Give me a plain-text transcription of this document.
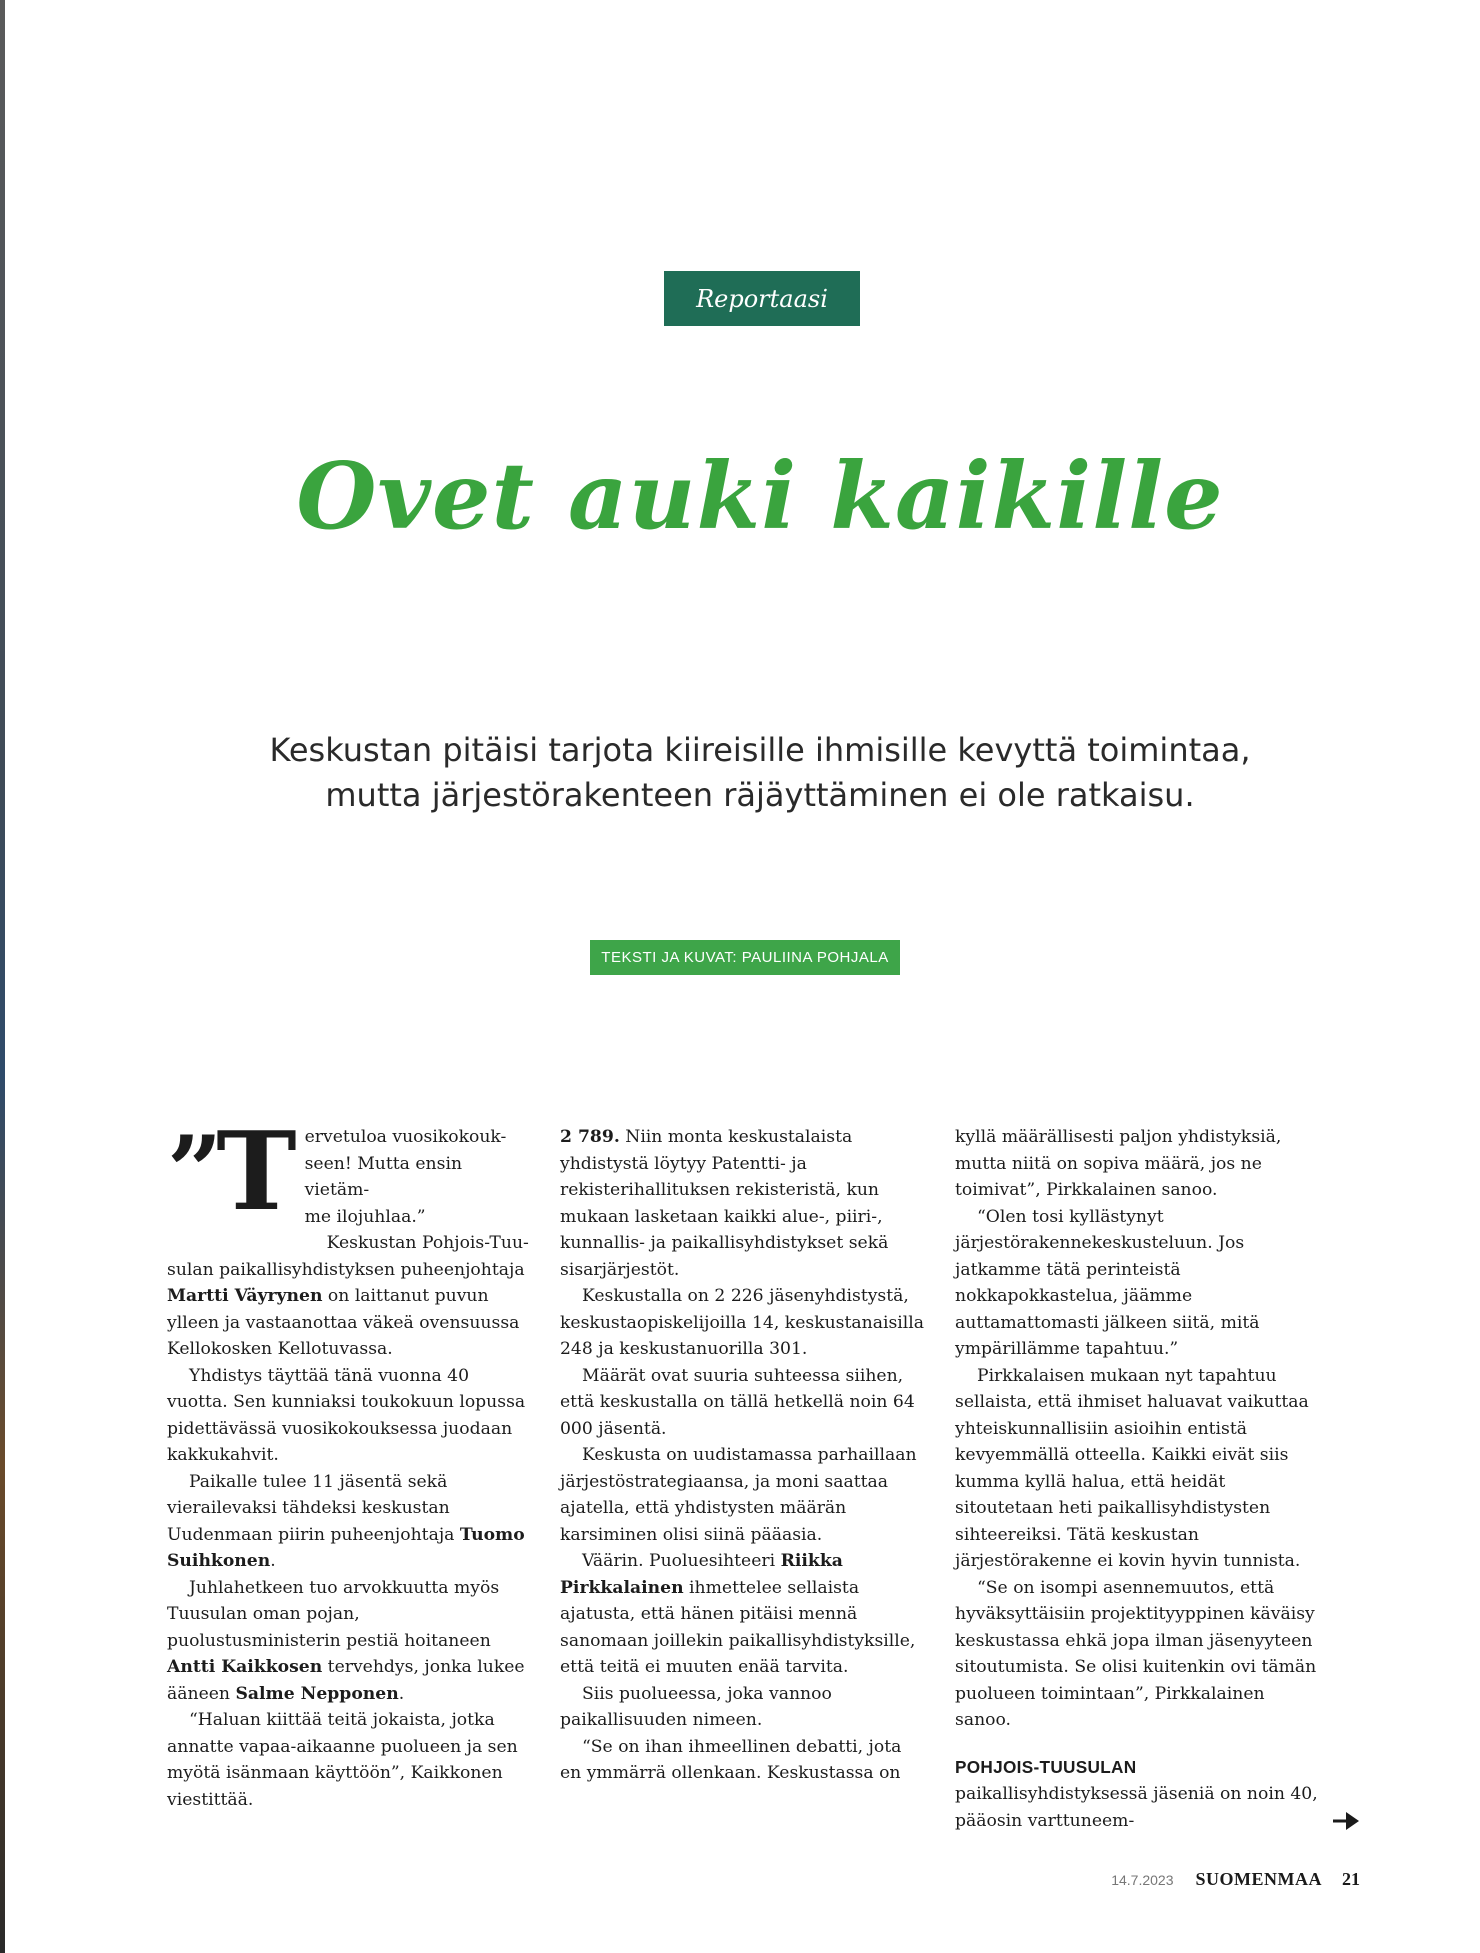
Reportaasi
Ovet auki kaikille
Keskustan pitäisi tarjota kiireisille ihmisille kevyttä toimintaa,
mutta järjestörakenteen räjäyttäminen ei ole ratkaisu.
TEKSTI JA KUVAT: PAULIINA POHJALA
”T ervetuloa vuosikokouk-
seen! Mutta ensin vietäm-
me ilojuhlaa.”

Keskustan Pohjois-Tuu-sulan paikallisyhdistyksen puheenjohtaja Martti Väyrynen on laittanut puvun ylleen ja vastaanottaa väkeä ovensuussa Kellokosken Kellotuvassa.

Yhdistys täyttää tänä vuonna 40 vuotta. Sen kunniaksi toukokuun lopussa pidettävässä vuosikokouksessa juodaan kakkukahvit.

Paikalle tulee 11 jäsentä sekä vierailevaksi tähdeksi keskustan Uudenmaan piirin puheenjohtaja Tuomo Suihkonen.

Juhlahetkeen tuo arvokkuutta myös Tuusulan oman pojan, puolustusministerin pestiä hoitaneen Antti Kaikkosen tervehdys, jonka lukee ääneen Salme Nepponen.

“Haluan kiittää teitä jokaista, jotka annatte vapaa-aikaanne puolueen ja sen myötä isänmaan käyttöön”, Kaikkonen viestittää.

2 789. Niin monta keskustalaista yhdistystä löytyy Patentti- ja rekisterihallituksen rekisteristä, kun mukaan lasketaan kaikki alue-, piiri-, kunnallis- ja paikallisyhdistykset sekä sisarjärjestöt.

Keskustalla on 2 226 jäsenyhdistystä, keskustaopiskelijoilla 14, keskustanaisilla 248 ja keskustanuorilla 301.

Määrät ovat suuria suhteessa siihen, että keskustalla on tällä hetkellä noin 64 000 jäsentä.

Keskusta on uudistamassa parhaillaan järjestöstrategiaansa, ja moni saattaa ajatella, että yhdistysten määrän karsiminen olisi siinä pääasia.

Väärin. Puoluesihteeri Riikka Pirkkalainen ihmettelee sellaista ajatusta, että hänen pitäisi mennä sanomaan joillekin paikallisyhdistyksille, että teitä ei muuten enää tarvita.

Siis puolueessa, joka vannoo paikallisuuden nimeen.

“Se on ihan ihmeellinen debatti, jota en ymmärrä ollenkaan. Keskustassa on

kyllä määrällisesti paljon yhdistyksiä, mutta niitä on sopiva määrä, jos ne toimivat”, Pirkkalainen sanoo.

“Olen tosi kyllästynyt järjestörakennekeskusteluun. Jos jatkamme tätä perinteistä nokkapokkastelua, jäämme auttamattomasti jälkeen siitä, mitä ympärillämme tapahtuu.”

Pirkkalaisen mukaan nyt tapahtuu sellaista, että ihmiset haluavat vaikuttaa yhteiskunnallisiin asioihin entistä kevyemmällä otteella. Kaikki eivät siis kumma kyllä halua, että heidät sitoutetaan heti paikallisyhdistysten sihteereiksi. Tätä keskustan järjestörakenne ei kovin hyvin tunnista.

“Se on isompi asennemuutos, että hyväksyttäisiin projektityyppinen käväisy keskustassa ehkä jopa ilman jäsenyyteen sitoutumista. Se olisi kuitenkin ovi tämän puolueen toimintaan”, Pirkkalainen sanoo.

POHJOIS-TUUSULAN paikallisyhdistyksessä jäseniä on noin 40, pääosin varttuneem-

14.7.2023 SUOMENMAA 21
